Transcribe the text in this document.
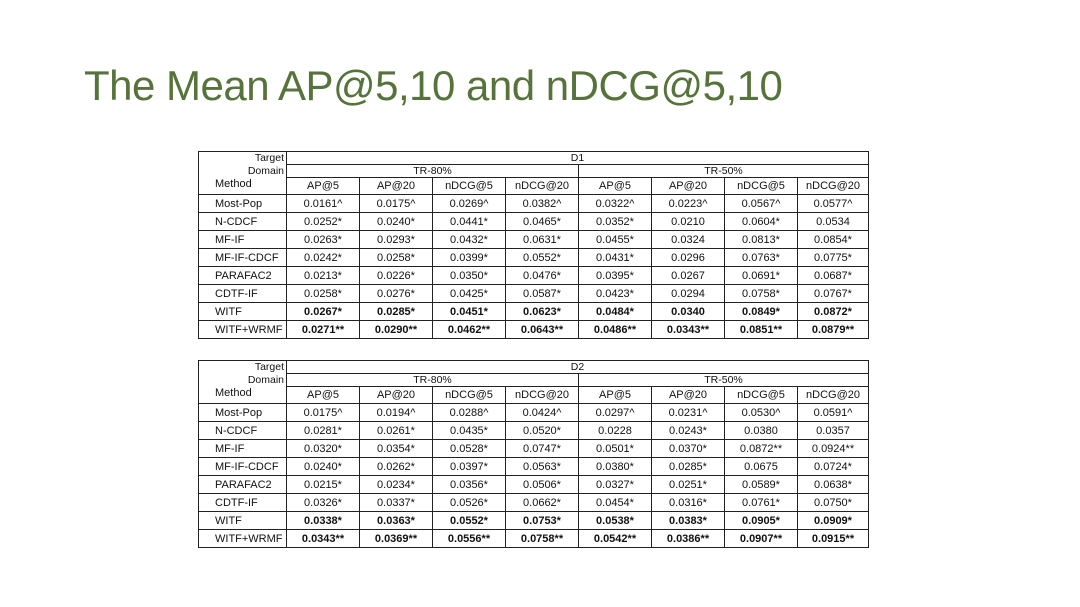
The Mean AP@5,10 and nDCG@5,10
Target	D1							
Domain	TR-80%				TR-50%			
Method	AP@5	AP@20	nDCG@5	nDCG@20	AP@5	AP@20	nDCG@5	nDCG@20
Most-Pop	0.0161^	0.0175^	0.0269^	0.0382^	0.0322^	0.0223^	0.0567^	0.0577^
N-CDCF	0.0252*	0.0240*	0.0441*	0.0465*	0.0352*	0.0210	0.0604*	0.0534
MF-IF	0.0263*	0.0293*	0.0432*	0.0631*	0.0455*	0.0324	0.0813*	0.0854*
MF-IF-CDCF	0.0242*	0.0258*	0.0399*	0.0552*	0.0431*	0.0296	0.0763*	0.0775*
PARAFAC2	0.0213*	0.0226*	0.0350*	0.0476*	0.0395*	0.0267	0.0691*	0.0687*
CDTF-IF	0.0258*	0.0276*	0.0425*	0.0587*	0.0423*	0.0294	0.0758*	0.0767*
WITF	0.0267*	0.0285*	0.0451*	0.0623*	0.0484*	0.0340	0.0849*	0.0872*
WITF+WRMF	0.0271**	0.0290**	0.0462**	0.0643**	0.0486**	0.0343**	0.0851**	0.0879**
Target	D2							
Domain	TR-80%				TR-50%			
Method	AP@5	AP@20	nDCG@5	nDCG@20	AP@5	AP@20	nDCG@5	nDCG@20
Most-Pop	0.0175^	0.0194^	0.0288^	0.0424^	0.0297^	0.0231^	0.0530^	0.0591^
N-CDCF	0.0281*	0.0261*	0.0435*	0.0520*	0.0228	0.0243*	0.0380	0.0357
MF-IF	0.0320*	0.0354*	0.0528*	0.0747*	0.0501*	0.0370*	0.0872**	0.0924**
MF-IF-CDCF	0.0240*	0.0262*	0.0397*	0.0563*	0.0380*	0.0285*	0.0675	0.0724*
PARAFAC2	0.0215*	0.0234*	0.0356*	0.0506*	0.0327*	0.0251*	0.0589*	0.0638*
CDTF-IF	0.0326*	0.0337*	0.0526*	0.0662*	0.0454*	0.0316*	0.0761*	0.0750*
WITF	0.0338*	0.0363*	0.0552*	0.0753*	0.0538*	0.0383*	0.0905*	0.0909*
WITF+WRMF	0.0343**	0.0369**	0.0556**	0.0758**	0.0542**	0.0386**	0.0907**	0.0915**
